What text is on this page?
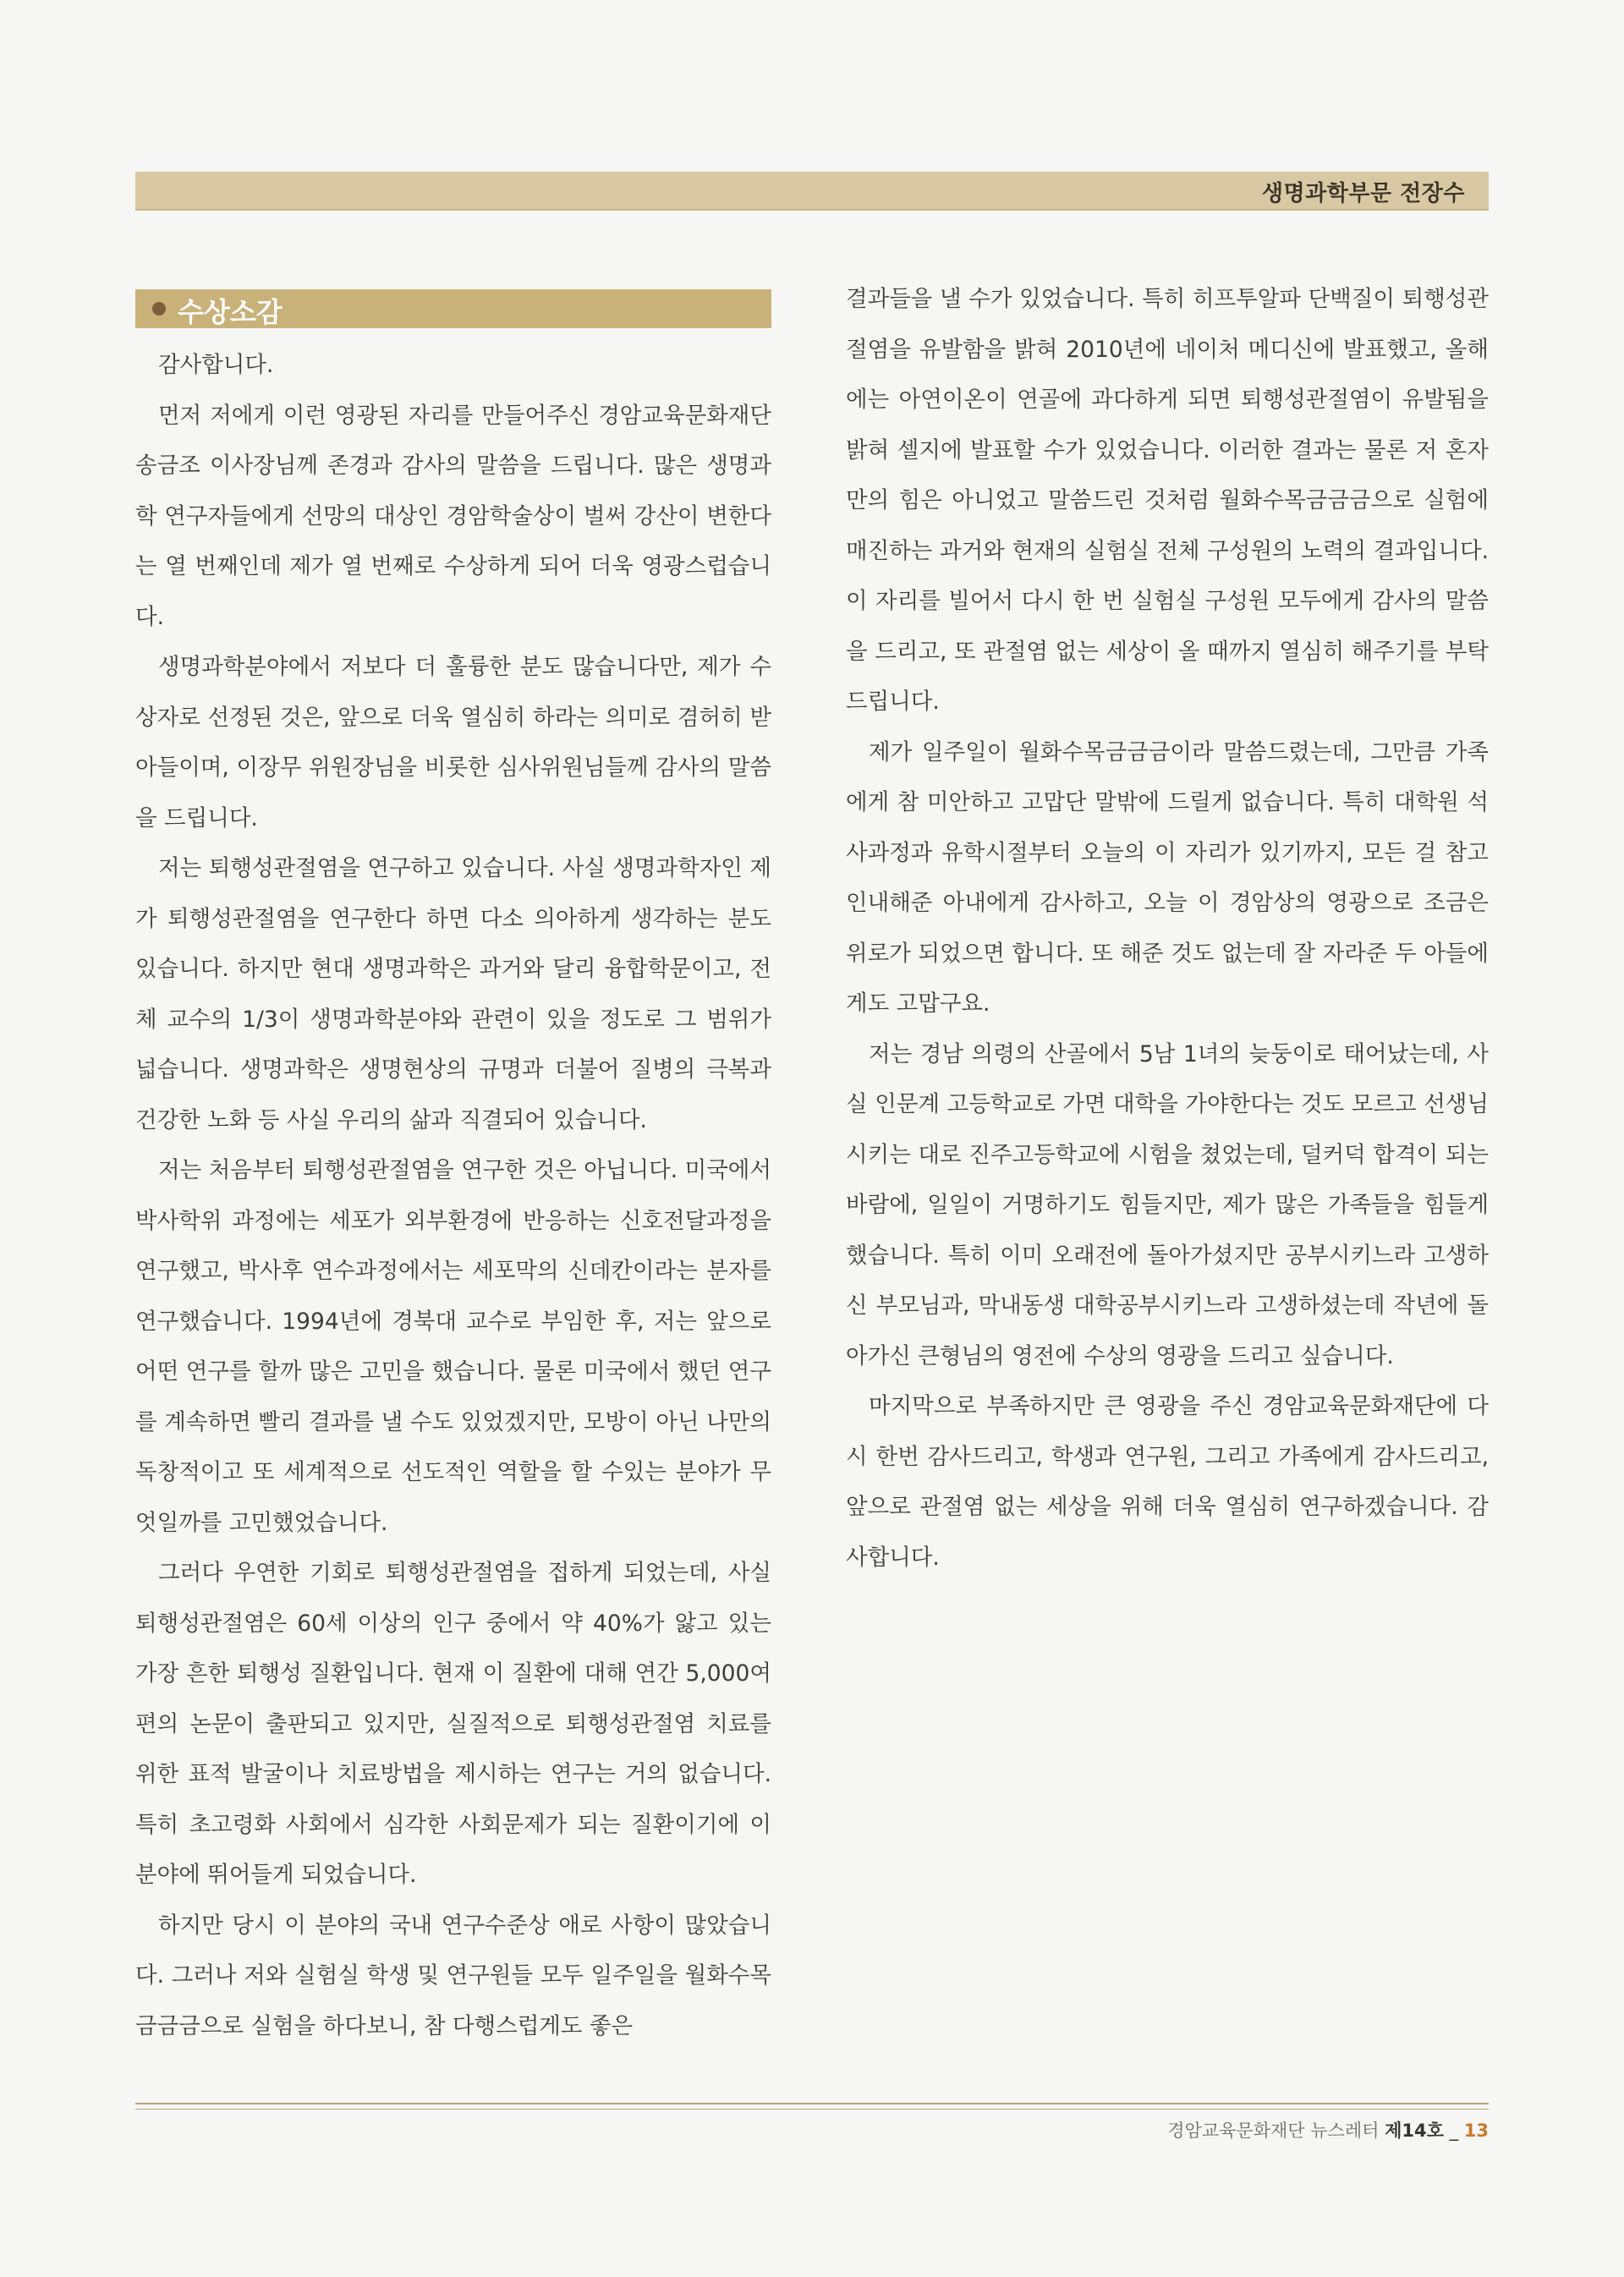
생명과학부문 전장수
수상소감

감사합니다.

먼저 저에게 이런 영광된 자리를 만들어주신 경암교육문화재단 송금조 이사장님께 존경과 감사의 말씀을 드립니다. 많은 생명과학 연구자들에게 선망의 대상인 경암학술상이 벌써 강산이 변한다는 열 번째인데 제가 열 번째로 수상하게 되어 더욱 영광스럽습니다.

생명과학분야에서 저보다 더 훌륭한 분도 많습니다만, 제가 수상자로 선정된 것은, 앞으로 더욱 열심히 하라는 의미로 겸허히 받아들이며, 이장무 위원장님을 비롯한 심사위원님들께 감사의 말씀을 드립니다.

저는 퇴행성관절염을 연구하고 있습니다. 사실 생명과학자인 제가 퇴행성관절염을 연구한다 하면 다소 의아하게 생각하는 분도 있습니다. 하지만 현대 생명과학은 과거와 달리 융합학문이고, 전체 교수의 1/3이 생명과학분야와 관련이 있을 정도로 그 범위가 넓습니다. 생명과학은 생명현상의 규명과 더불어 질병의 극복과 건강한 노화 등 사실 우리의 삶과 직결되어 있습니다.

저는 처음부터 퇴행성관절염을 연구한 것은 아닙니다. 미국에서 박사학위 과정에는 세포가 외부환경에 반응하는 신호전달과정을 연구했고, 박사후 연수과정에서는 세포막의 신데칸이라는 분자를 연구했습니다. 1994년에 경북대 교수로 부임한 후, 저는 앞으로 어떤 연구를 할까 많은 고민을 했습니다. 물론 미국에서 했던 연구를 계속하면 빨리 결과를 낼 수도 있었겠지만, 모방이 아닌 나만의 독창적이고 또 세계적으로 선도적인 역할을 할 수있는 분야가 무엇일까를 고민했었습니다.

그러다 우연한 기회로 퇴행성관절염을 접하게 되었는데, 사실 퇴행성관절염은 60세 이상의 인구 중에서 약 40%가 앓고 있는 가장 흔한 퇴행성 질환입니다. 현재 이 질환에 대해 연간 5,000여 편의 논문이 출판되고 있지만, 실질적으로 퇴행성관절염 치료를 위한 표적 발굴이나 치료방법을 제시하는 연구는 거의 없습니다. 특히 초고령화 사회에서 심각한 사회문제가 되는 질환이기에 이 분야에 뛰어들게 되었습니다.

하지만 당시 이 분야의 국내 연구수준상 애로 사항이 많았습니다. 그러나 저와 실험실 학생 및 연구원들 모두 일주일을 월화수목금금금으로 실험을 하다보니, 참 다행스럽게도 좋은

결과들을 낼 수가 있었습니다. 특히 히프투알파 단백질이 퇴행성관절염을 유발함을 밝혀 2010년에 네이처 메디신에 발표했고, 올해에는 아연이온이 연골에 과다하게 되면 퇴행성관절염이 유발됨을 밝혀 셀지에 발표할 수가 있었습니다. 이러한 결과는 물론 저 혼자만의 힘은 아니었고 말씀드린 것처럼 월화수목금금금으로 실험에 매진하는 과거와 현재의 실험실 전체 구성원의 노력의 결과입니다. 이 자리를 빌어서 다시 한 번 실험실 구성원 모두에게 감사의 말씀을 드리고, 또 관절염 없는 세상이 올 때까지 열심히 해주기를 부탁드립니다.

제가 일주일이 월화수목금금금이라 말씀드렸는데, 그만큼 가족에게 참 미안하고 고맙단 말밖에 드릴게 없습니다. 특히 대학원 석사과정과 유학시절부터 오늘의 이 자리가 있기까지, 모든 걸 참고 인내해준 아내에게 감사하고, 오늘 이 경암상의 영광으로 조금은 위로가 되었으면 합니다. 또 해준 것도 없는데 잘 자라준 두 아들에게도 고맙구요.

저는 경남 의령의 산골에서 5남 1녀의 늦둥이로 태어났는데, 사실 인문계 고등학교로 가면 대학을 가야한다는 것도 모르고 선생님 시키는 대로 진주고등학교에 시험을 쳤었는데, 덜커덕 합격이 되는 바람에, 일일이 거명하기도 힘들지만, 제가 많은 가족들을 힘들게 했습니다. 특히 이미 오래전에 돌아가셨지만 공부시키느라 고생하신 부모님과, 막내동생 대학공부시키느라 고생하셨는데 작년에 돌아가신 큰형님의 영전에 수상의 영광을 드리고 싶습니다.

마지막으로 부족하지만 큰 영광을 주신 경암교육문화재단에 다시 한번 감사드리고, 학생과 연구원, 그리고 가족에게 감사드리고, 앞으로 관절염 없는 세상을 위해 더욱 열심히 연구하겠습니다. 감사합니다.

경암교육문화재단 뉴스레터 제14호 _ 13
